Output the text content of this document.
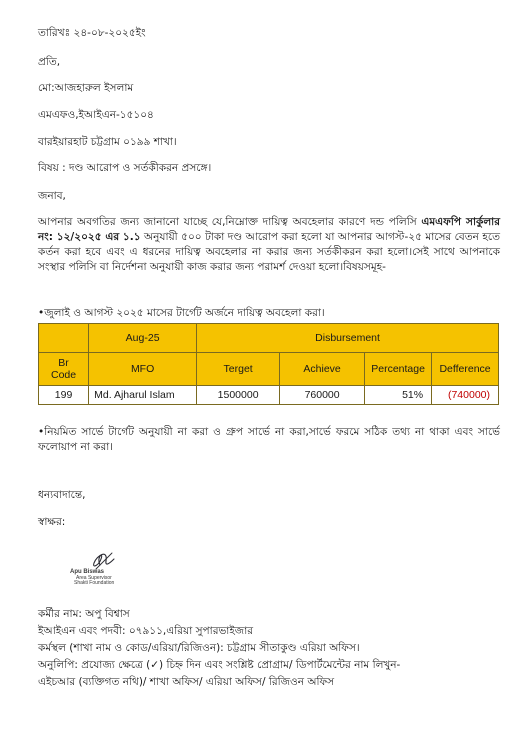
তারিখঃ ২৪-০৮-২০২৫ইং
প্রতি,
মো:আজহারুল ইসলাম
এমএফও,ইআইএন-১৫১০৪
বারইয়ারহাট চট্টগ্রাম ০১৯৯ শাখা।
বিষয় : দণ্ড আরোপ ও সর্তকীকরন প্রসঙ্গে।
জনাব,
আপনার অবগতির জন্য জানানো যাচ্ছে যে,নিম্নোক্ত দায়িত্ব অবহেলার কারণে দন্ড পলিসি এমএফপি সার্কুলার নং: ১২/২০২৫ এর ১.১ অনুযায়ী ৫০০ টাকা দণ্ড আরোপ করা হলো যা আপনার আগস্ট-২৫ মাসের বেতন হতে কর্তন করা হবে এবং এ ধরনের দায়িত্ব অবহেলার না করার জন্য সর্তকীকরন করা হলো।সেই সাথে আপনাকে সংস্থার পলিসি বা নির্দেশনা অনুযায়ী কাজ করার জন্য পরামর্শ দেওয়া হলো।বিষয়সমূহ-
•জুলাই ও আগস্ট ২০২৫ মাসের টার্গেট অর্জনে দায়িত্ব অবহেলা করা।
	Aug-25	Disbursement			
Br Code	MFO	Terget	Achieve	Percentage	Defference
199	Md. Ajharul Islam	1500000	760000	51%	(740000)
•নিয়মিত সার্ভে টার্গেট অনুযায়ী না করা ও গ্রুপ সার্ভে না করা,সার্ভে ফরমে সঠিক তথ্য না থাকা এবং সার্ভে ফলোয়াপ না করা।
ধন্যবাদান্তে,
স্বাক্ষর:
Apu Biswas
Area Supervisor
Shakti Foundation
কর্মীর নাম: অপু বিশ্বাস
ইআইএন এবং পদবী: ০৭৯১১,এরিয়া সুপারভাইজার
কর্মস্থল (শাখা নাম ও কোড/এরিয়া/রিজিওন): চট্টগ্রাম সীতাকুণ্ড এরিয়া অফিস।
অনুলিপি: প্রযোজ্য ক্ষেত্রে (✓) চিহ্ন দিন এবং সংশ্লিষ্ট প্রোগ্রাম/ ডিপার্টমেন্টের নাম লিখুন-
এইচআর (ব্যক্তিগত নথি)/ শাখা অফিস/ এরিয়া অফিস/ রিজিওন অফিস
